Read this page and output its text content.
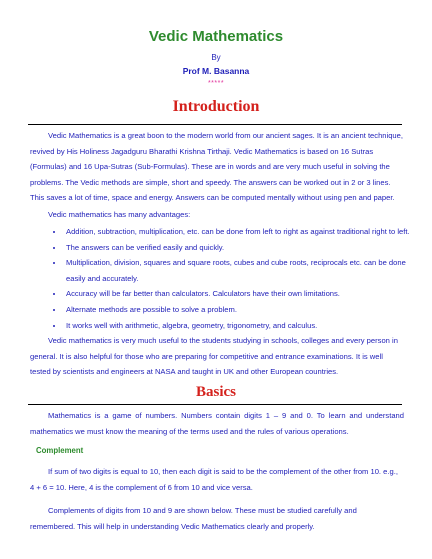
Vedic Mathematics
By
Prof M. Basanna
*****
Introduction

Vedic Mathematics is a great boon to the modern world from our ancient sages. It is an ancient technique, revived by His Holiness Jagadguru Bharathi Krishna Tirthaji. Vedic Mathematics is based on 16 Sutras (Formulas) and 16 Upa-Sutras (Sub-Formulas). These are in words and are very much useful in solving the problems. The Vedic methods are simple, short and speedy. The answers can be worked out in 2 or 3 lines. This saves a lot of time, space and energy. Answers can be computed mentally without using pen and paper.

Vedic mathematics has many advantages:

• Addition, subtraction, multiplication, etc. can be done from left to right as against traditional right to left.
• The answers can be verified easily and quickly.
• Multiplication, division, squares and square roots, cubes and cube roots, reciprocals etc. can be done easily and accurately.
• Accuracy will be far better than calculators. Calculators have their own limitations.
• Alternate methods are possible to solve a problem.
• It works well with arithmetic, algebra, geometry, trigonometry, and calculus.

Vedic mathematics is very much useful to the students studying in schools, colleges and every person in general. It is also helpful for those who are preparing for competitive and entrance examinations. It is well tested by scientists and engineers at NASA and taught in UK and other European countries.

Basics

Mathematics is a game of numbers. Numbers contain digits 1 – 9 and 0. To learn and understand mathematics we must know the meaning of the terms used and the rules of various operations.

Complement

If sum of two digits is equal to 10, then each digit is said to be the complement of the other from 10. e.g., 4 + 6 = 10. Here, 4 is the complement of 6 from 10 and vice versa.

Complements of digits from 10 and 9 are shown below. These must be studied carefully and remembered. This will help in understanding Vedic Mathematics clearly and properly.
